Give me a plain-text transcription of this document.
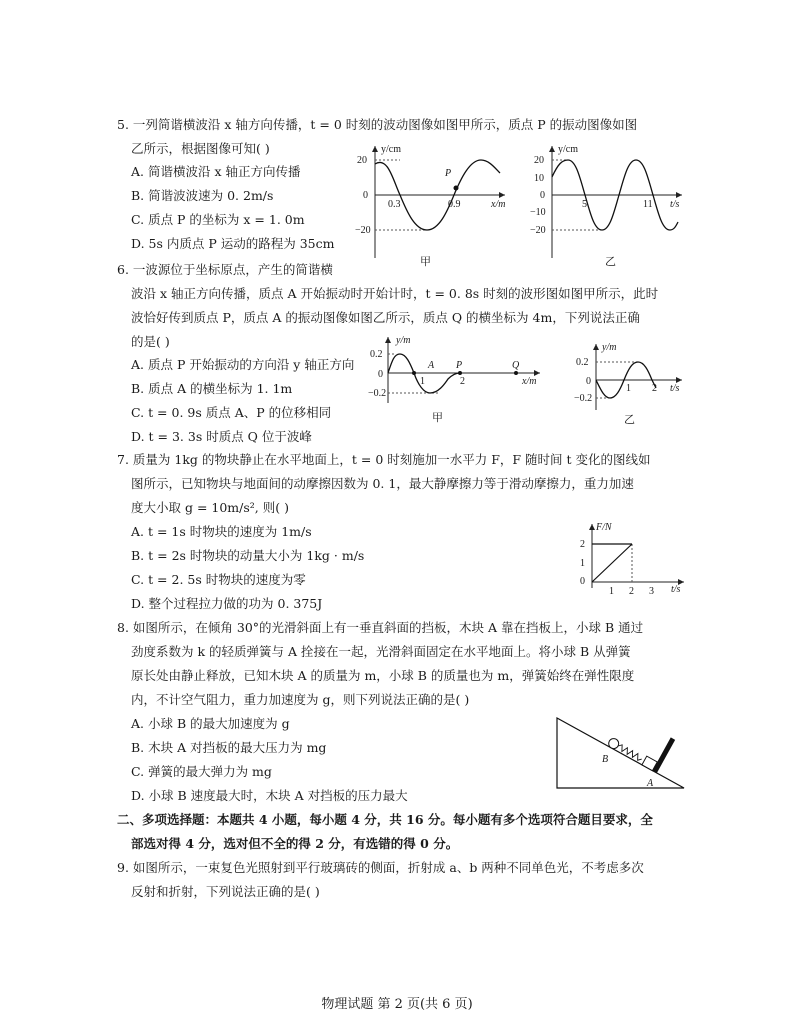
5. 一列简谐横波沿 x 轴方向传播，t = 0 时刻的波动图像如图甲所示，质点 P 的振动图像如图
乙所示，根据图像可知( )
A. 简谐横波沿 x 轴正方向传播
B. 简谐波波速为 0. 2m/s
C. 质点 P 的坐标为 x = 1. 0m
D. 5s 内质点 P 运动的路程为 35cm
y/cm
20
0
−20
0.3	0.9	x/m
P
甲
y/cm
20
10
0
−10
−20
5	11 t/s
乙
6. 一波源位于坐标原点，产生的简谐横
波沿 x 轴正方向传播，质点 A 开始振动时开始计时，t = 0. 8s 时刻的波形图如图甲所示，此时
波恰好传到质点 P，质点 A 的振动图像如图乙所示，质点 Q 的横坐标为 4m，下列说法正确
的是( )
A. 质点 P 开始振动的方向沿 y 轴正方向
B. 质点 A 的横坐标为 1. 1m
C. t = 0. 9s 质点 A、P 的位移相同
D. t = 3. 3s 时质点 Q 位于波峰
y/m
0.2
0
−0.2
1	2	x/m
A P	Q
甲
y/m
0.2
0
−0.2
1 2 t/s
乙
7. 质量为 1kg 的物块静止在水平地面上，t = 0 时刻施加一水平力 F，F 随时间 t 变化的图线如
图所示，已知物块与地面间的动摩擦因数为 0. 1，最大静摩擦力等于滑动摩擦力，重力加速
度大小取 g = 10m/s², 则( )
A. t = 1s 时物块的速度为 1m/s
B. t = 2s 时物块的动量大小为 1kg · m/s
C. t = 2. 5s 时物块的速度为零
D. 整个过程拉力做的功为 0. 375J
F/N
2
1
0
1 2 3 t/s
8. 如图所示，在倾角 30°的光滑斜面上有一垂直斜面的挡板，木块 A 靠在挡板上，小球 B 通过
劲度系数为 k 的轻质弹簧与 A 拴接在一起，光滑斜面固定在水平地面上。将小球 B 从弹簧
原长处由静止释放，已知木块 A 的质量为 m，小球 B 的质量也为 m，弹簧始终在弹性限度
内，不计空气阻力，重力加速度为 g，则下列说法正确的是( )
A. 小球 B 的最大加速度为 g
B. 木块 A 对挡板的最大压力为 mg
C. 弹簧的最大弹力为 mg
D. 小球 B 速度最大时，木块 A 对挡板的压力最大
B
A
二、多项选择题：本题共 4 小题，每小题 4 分，共 16 分。每小题有多个选项符合题目要求，全
部选对得 4 分，选对但不全的得 2 分，有选错的得 0 分。
9. 如图所示，一束复色光照射到平行玻璃砖的侧面，折射成 a、b 两种不同单色光，不考虑多次
反射和折射，下列说法正确的是( )
物理试题 第 2 页(共 6 页)
